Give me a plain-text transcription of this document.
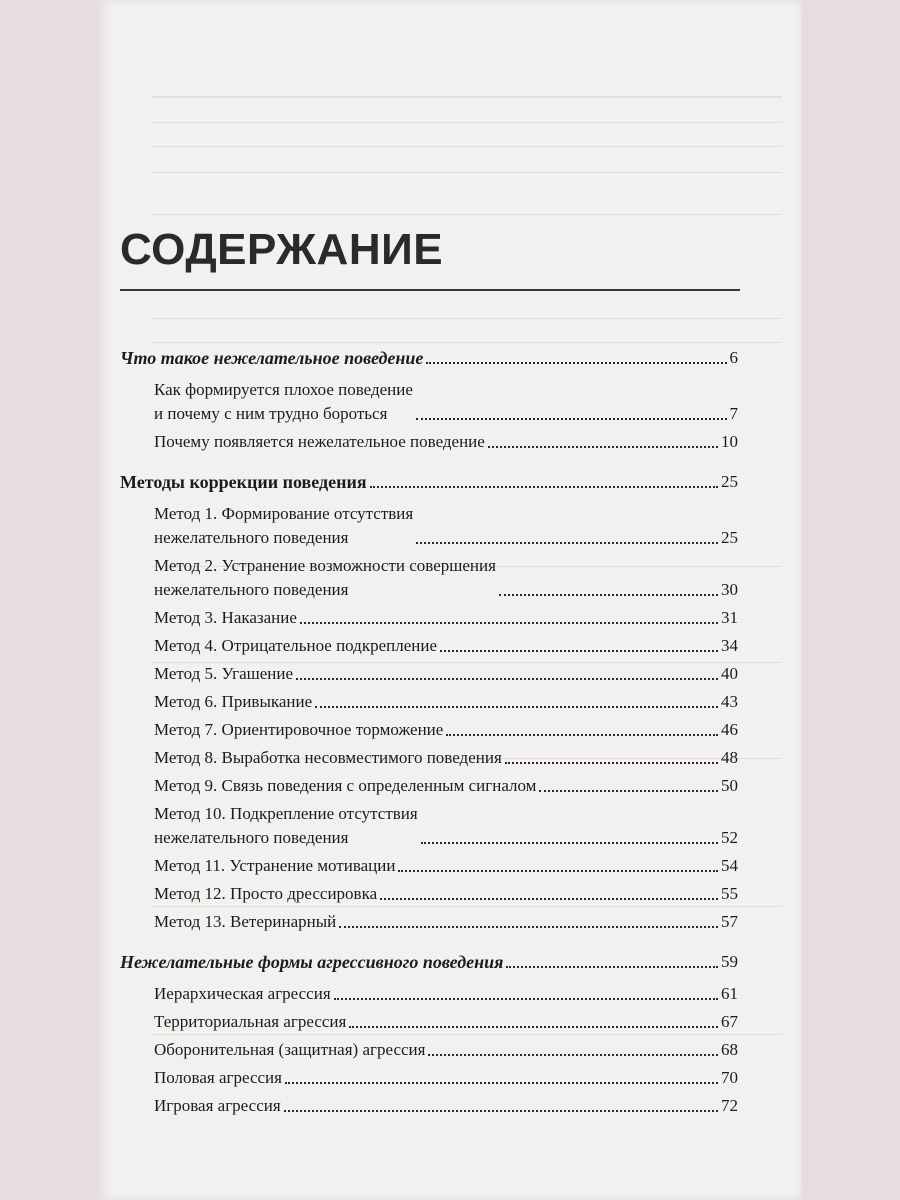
СОДЕРЖАНИЕ
Что такое нежелательное поведение	6
Как формируется плохое поведение
и почему с ним трудно бороться	7
Почему появляется нежелательное поведение	10
Методы коррекции поведения	25
Метод 1. Формирование отсутствия
нежелательного поведения	25
Метод 2. Устранение возможности совершения
нежелательного поведения	30
Метод 3. Наказание	31
Метод 4. Отрицательное подкрепление	34
Метод 5. Угашение	40
Метод 6. Привыкание	43
Метод 7. Ориентировочное торможение	46
Метод 8. Выработка несовместимого поведения	48
Метод 9. Связь поведения с определенным сигналом	50
Метод 10. Подкрепление отсутствия
нежелательного поведения	52
Метод 11. Устранение мотивации	54
Метод 12. Просто дрессировка	55
Метод 13. Ветеринарный	57
Нежелательные формы агрессивного поведения	59
Иерархическая агрессия	61
Территориальная агрессия	67
Оборонительная (защитная) агрессия	68
Половая агрессия	70
Игровая агрессия	72
